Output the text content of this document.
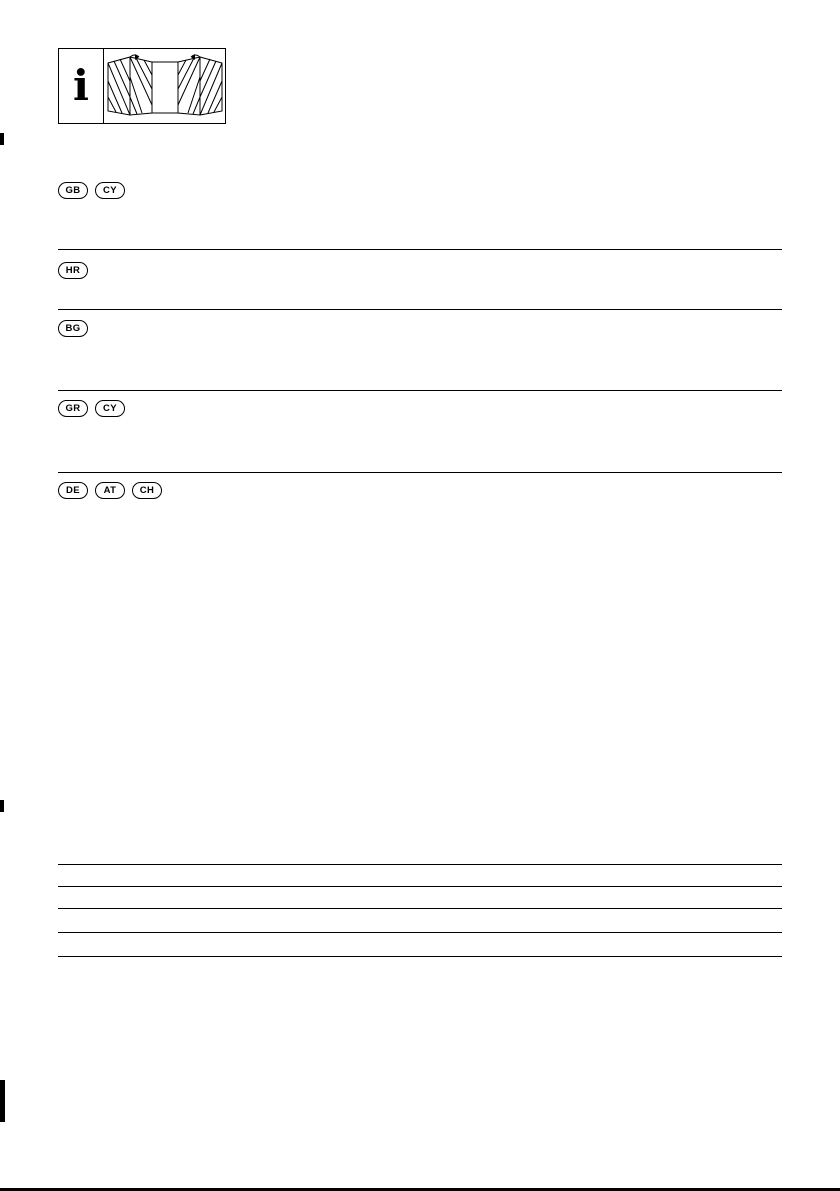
i
GB	CY
HR
BG
GR	CY
DE	AT	CH
